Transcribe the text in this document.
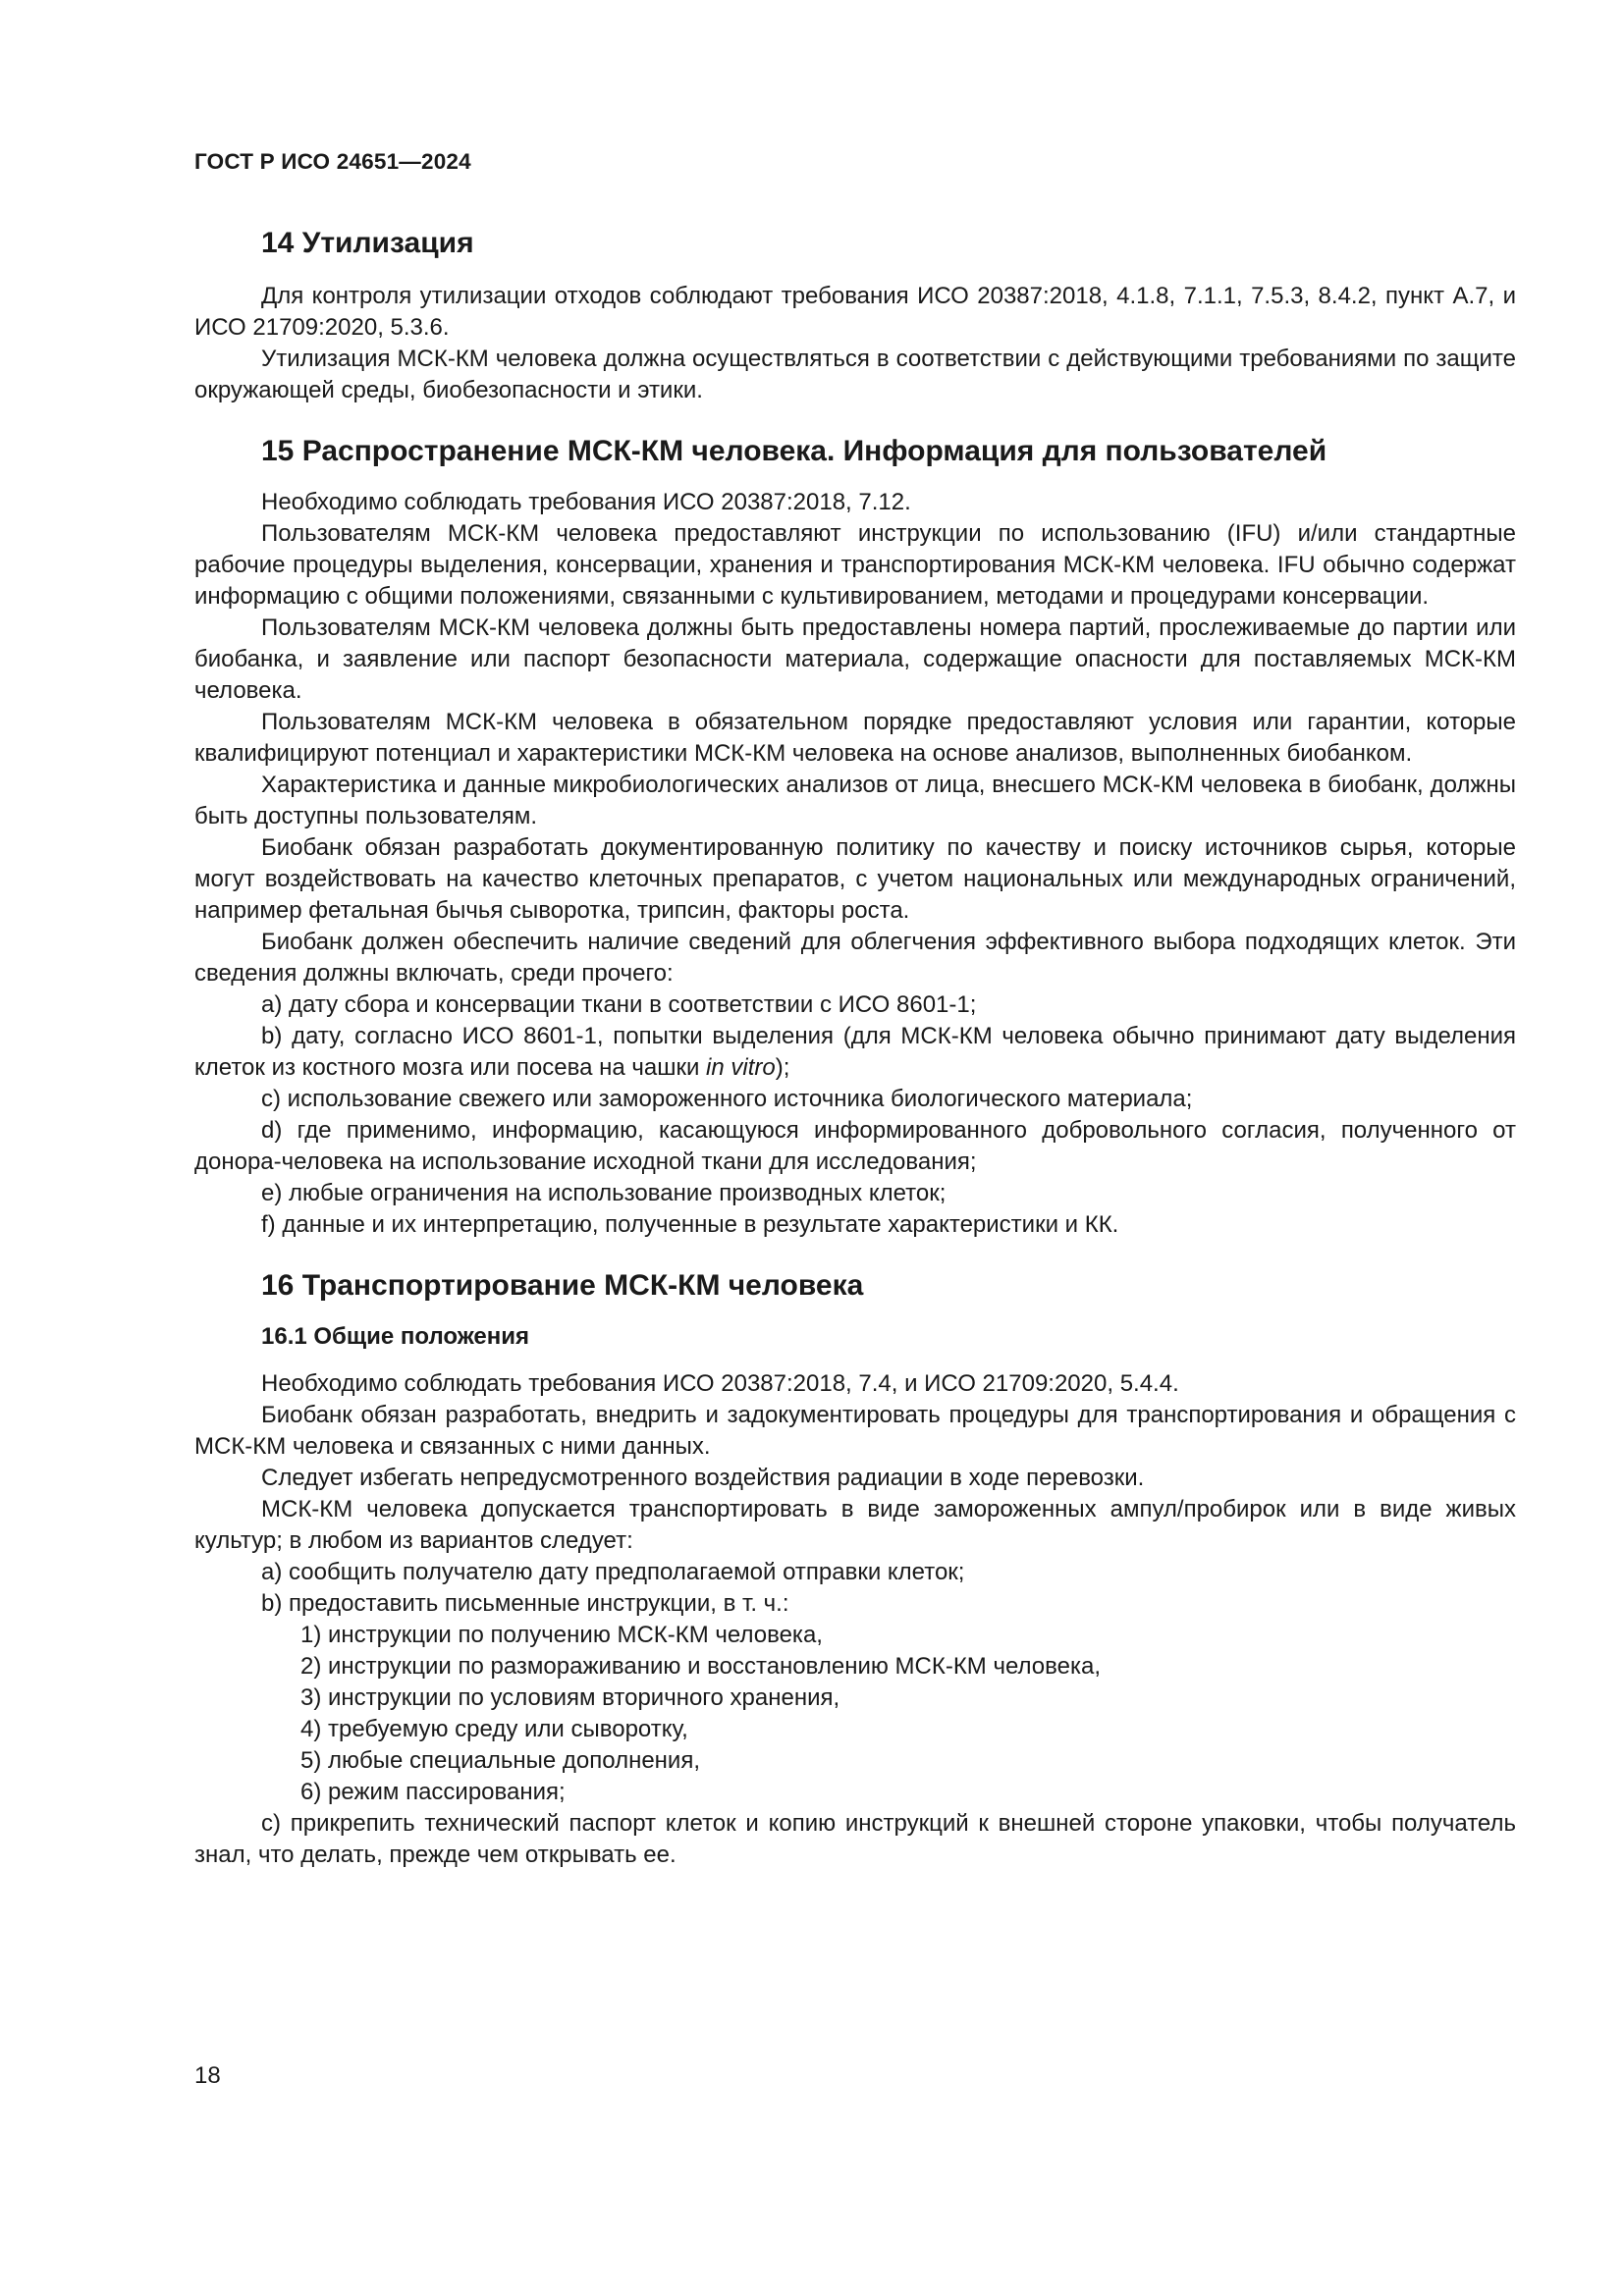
ГОСТ Р ИСО 24651—2024
14 Утилизация

Для контроля утилизации отходов соблюдают требования ИСО 20387:2018, 4.1.8, 7.1.1, 7.5.3, 8.4.2, пункт А.7, и ИСО 21709:2020, 5.3.6.

Утилизация МСК-КМ человека должна осуществляться в соответствии с действующими требованиями по защите окружающей среды, биобезопасности и этики.

15 Распространение МСК-КМ человека. Информация для пользователей

Необходимо соблюдать требования ИСО 20387:2018, 7.12.

Пользователям МСК-КМ человека предоставляют инструкции по использованию (IFU) и/или стандартные рабочие процедуры выделения, консервации, хранения и транспортирования МСК-КМ человека. IFU обычно содержат информацию с общими положениями, связанными с культивированием, методами и процедурами консервации.

Пользователям МСК-КМ человека должны быть предоставлены номера партий, прослеживаемые до партии или биобанка, и заявление или паспорт безопасности материала, содержащие опасности для поставляемых МСК-КМ человека.

Пользователям МСК-КМ человека в обязательном порядке предоставляют условия или гарантии, которые квалифицируют потенциал и характеристики МСК-КМ человека на основе анализов, выполненных биобанком.

Характеристика и данные микробиологических анализов от лица, внесшего МСК-КМ человека в биобанк, должны быть доступны пользователям.

Биобанк обязан разработать документированную политику по качеству и поиску источников сырья, которые могут воздействовать на качество клеточных препаратов, с учетом национальных или международных ограничений, например фетальная бычья сыворотка, трипсин, факторы роста.

Биобанк должен обеспечить наличие сведений для облегчения эффективного выбора подходящих клеток. Эти сведения должны включать, среди прочего:

a) дату сбора и консервации ткани в соответствии с ИСО 8601-1;
b) дату, согласно ИСО 8601-1, попытки выделения (для МСК-КМ человека обычно принимают дату выделения клеток из костного мозга или посева на чашки in vitro);
c) использование свежего или замороженного источника биологического материала;
d) где применимо, информацию, касающуюся информированного добровольного согласия, полученного от донора-человека на использование исходной ткани для исследования;
e) любые ограничения на использование производных клеток;
f) данные и их интерпретацию, полученные в результате характеристики и КК.
16 Транспортирование МСК-КМ человека
16.1 Общие положения

Необходимо соблюдать требования ИСО 20387:2018, 7.4, и ИСО 21709:2020, 5.4.4.

Биобанк обязан разработать, внедрить и задокументировать процедуры для транспортирования и обращения с МСК-КМ человека и связанных с ними данных.

Следует избегать непредусмотренного воздействия радиации в ходе перевозки.

МСК-КМ человека допускается транспортировать в виде замороженных ампул/пробирок или в виде живых культур; в любом из вариантов следует:

a) сообщить получателю дату предполагаемой отправки клеток;
b) предоставить письменные инструкции, в т. ч.:
1) инструкции по получению МСК-КМ человека,
2) инструкции по размораживанию и восстановлению МСК-КМ человека,
3) инструкции по условиям вторичного хранения,
4) требуемую среду или сыворотку,
5) любые специальные дополнения,
6) режим пассирования;
c) прикрепить технический паспорт клеток и копию инструкций к внешней стороне упаковки, чтобы получатель знал, что делать, прежде чем открывать ее.
18
